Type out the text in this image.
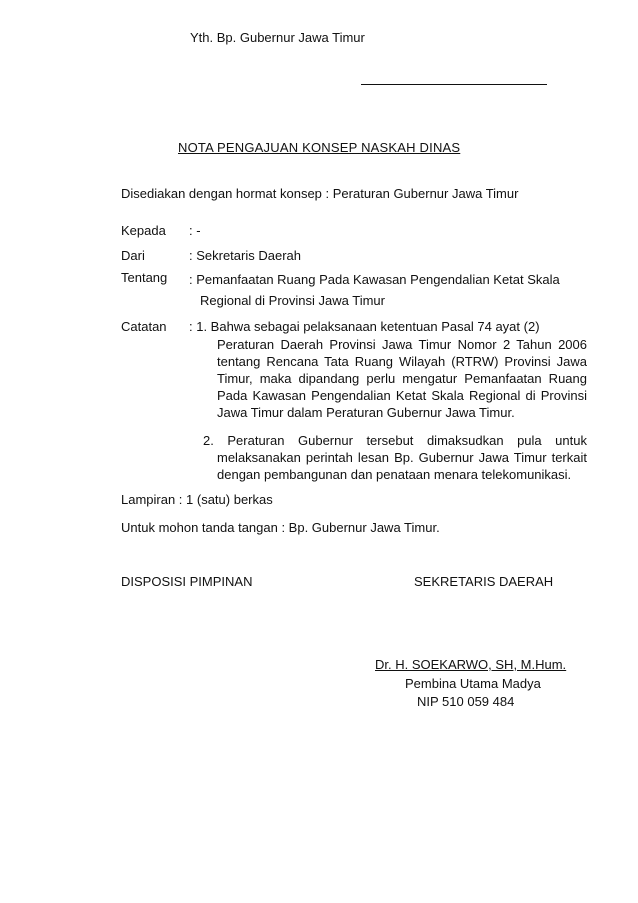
Yth. Bp. Gubernur Jawa Timur
NOTA PENGAJUAN KONSEP NASKAH DINAS
Disediakan dengan hormat konsep : Peraturan Gubernur Jawa Timur
Kepada : -
Dari	: Sekretaris Daerah
Tentang : Pemanfaatan Ruang Pada Kawasan Pengendalian Ketat Skala
Regional di Provinsi Jawa Timur
Catatan : 1. Bahwa sebagai pelaksanaan ketentuan Pasal 74 ayat (2)
Peraturan Daerah Provinsi Jawa Timur Nomor 2 Tahun 2006
tentang Rencana Tata Ruang Wilayah (RTRW) Provinsi Jawa
Timur, maka dipandang perlu mengatur Pemanfaatan Ruang
Pada Kawasan Pengendalian Ketat Skala Regional di Provinsi
Jawa Timur dalam Peraturan Gubernur Jawa Timur.
2. Peraturan Gubernur tersebut dimaksudkan pula untuk
melaksanakan perintah lesan Bp. Gubernur Jawa Timur terkait
dengan pembangunan dan penataan menara telekomunikasi.
Lampiran : 1 (satu) berkas
Untuk mohon tanda tangan : Bp. Gubernur Jawa Timur.
DISPOSISI PIMPINAN	SEKRETARIS DAERAH
Dr. H. SOEKARWO, SH, M.Hum.
Pembina Utama Madya
NIP 510 059 484
